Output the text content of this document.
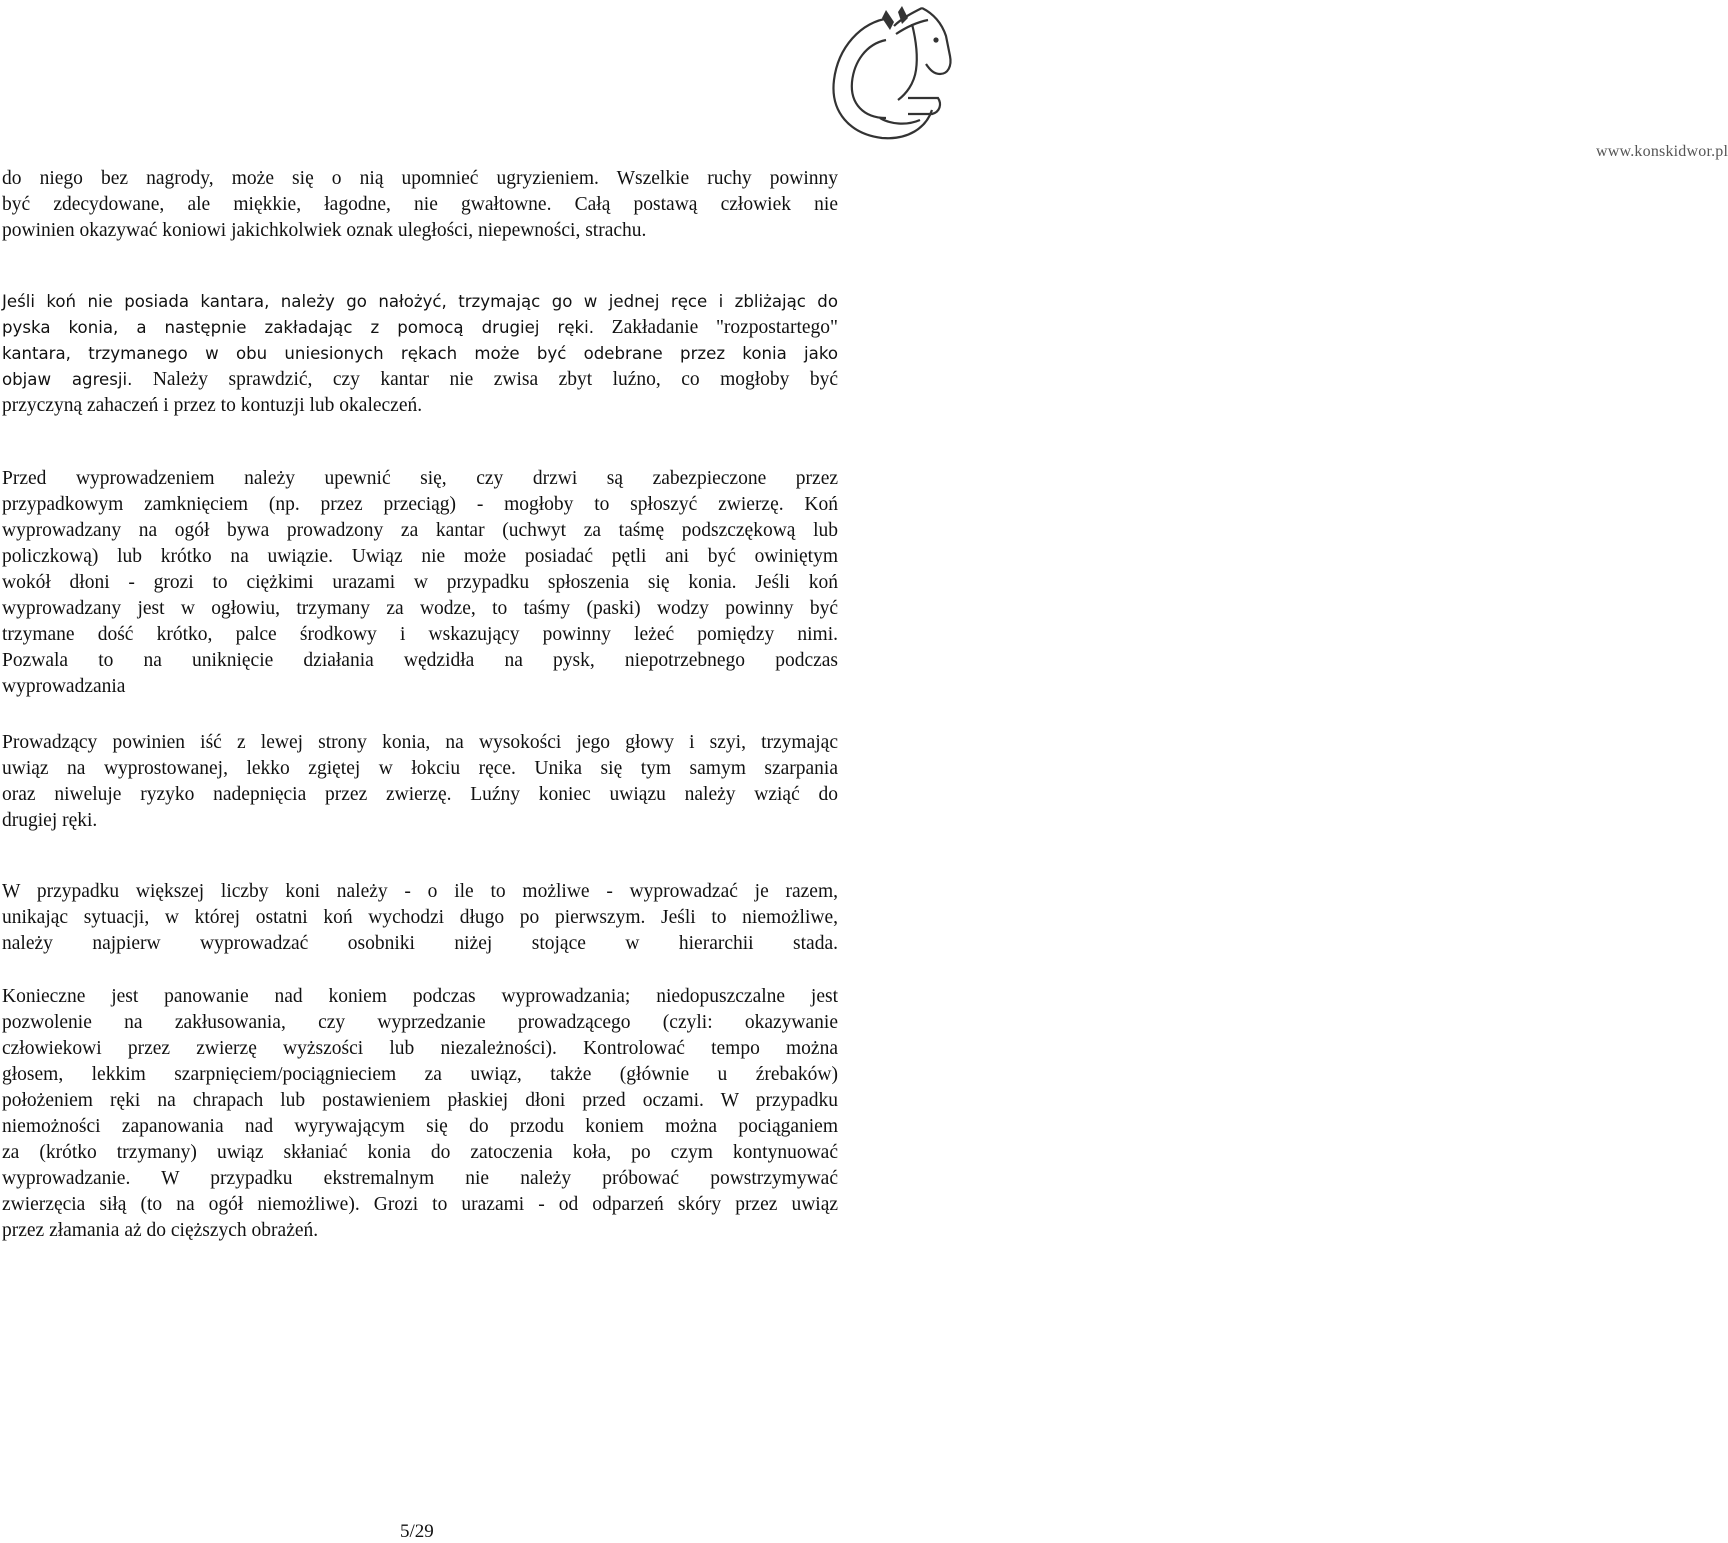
www.konskidwor.pl
do niego bez nagrody, może się o nią upomnieć ugryzieniem. Wszelkie ruchy powinny
być zdecydowane, ale miękkie, łagodne, nie gwałtowne. Całą postawą człowiek nie
powinien okazywać koniowi jakichkolwiek oznak uległości, niepewności, strachu.
Jeśli koń nie posiada kantara, należy go nałożyć, trzymając go w jednej ręce i zbliżając do
pyska konia, a następnie zakładając z pomocą drugiej ręki. Zakładanie "rozpostartego"
kantara, trzymanego w obu uniesionych rękach może być odebrane przez konia jako
objaw agresji. Należy sprawdzić, czy kantar nie zwisa zbyt luźno, co mogłoby być
przyczyną zahaczeń i przez to kontuzji lub okaleczeń.
Przed wyprowadzeniem należy upewnić się, czy drzwi są zabezpieczone przez
przypadkowym zamknięciem (np. przez przeciąg) - mogłoby to spłoszyć zwierzę. Koń
wyprowadzany na ogół bywa prowadzony za kantar (uchwyt za taśmę podszczękową lub
policzkową) lub krótko na uwiązie. Uwiąz nie może posiadać pętli ani być owiniętym
wokół dłoni - grozi to ciężkimi urazami w przypadku spłoszenia się konia. Jeśli koń
wyprowadzany jest w ogłowiu, trzymany za wodze, to taśmy (paski) wodzy powinny być
trzymane dość krótko, palce środkowy i wskazujący powinny leżeć pomiędzy nimi.
Pozwala to na uniknięcie działania wędzidła na pysk, niepotrzebnego podczas
wyprowadzania
Prowadzący powinien iść z lewej strony konia, na wysokości jego głowy i szyi, trzymając
uwiąz na wyprostowanej, lekko zgiętej w łokciu ręce. Unika się tym samym szarpania
oraz niweluje ryzyko nadepnięcia przez zwierzę. Luźny koniec uwiązu należy wziąć do
drugiej ręki.
W przypadku większej liczby koni należy - o ile to możliwe - wyprowadzać je razem,
unikając sytuacji, w której ostatni koń wychodzi długo po pierwszym. Jeśli to niemożliwe,
należy najpierw wyprowadzać osobniki niżej stojące w hierarchii stada.
Konieczne jest panowanie nad koniem podczas wyprowadzania; niedopuszczalne jest
pozwolenie na zakłusowania, czy wyprzedzanie prowadzącego (czyli: okazywanie
człowiekowi przez zwierzę wyższości lub niezależności). Kontrolować tempo można
głosem, lekkim szarpnięciem/pociągnieciem za uwiąz, także (głównie u źrebaków)
położeniem ręki na chrapach lub postawieniem płaskiej dłoni przed oczami. W przypadku
niemożności zapanowania nad wyrywającym się do przodu koniem można pociąganiem
za (krótko trzymany) uwiąz skłaniać konia do zatoczenia koła, po czym kontynuować
wyprowadzanie. W przypadku ekstremalnym nie należy próbować powstrzymywać
zwierzęcia siłą (to na ogół niemożliwe). Grozi to urazami - od odparzeń skóry przez uwiąz
przez złamania aż do cięższych obrażeń.
5/29
